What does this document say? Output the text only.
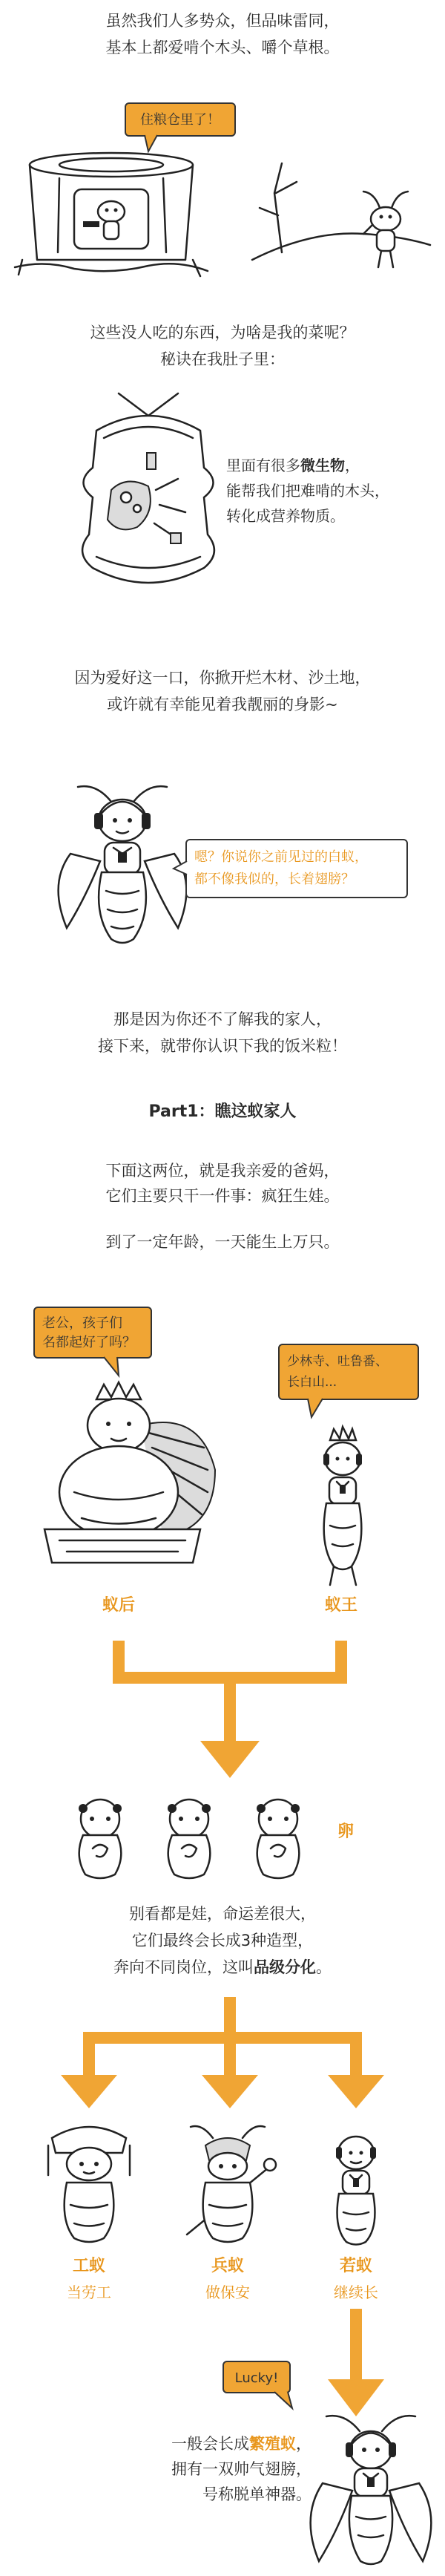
虽然我们人多势众，但品味雷同，
基本上都爱啃个木头、嚼个草根。
住粮仓里了！
这些没人吃的东西，为啥是我的菜呢？
秘诀在我肚子里：
里面有很多微生物，
能帮我们把难啃的木头，
转化成营养物质。
因为爱好这一口，你掀开烂木材、沙土地，
或许就有幸能见着我靓丽的身影~
嗯？你说你之前见过的白蚁，
都不像我似的，长着翅膀？
那是因为你还不了解我的家人，
接下来，就带你认识下我的饭米粒！
Part1：瞧这蚁家人
下面这两位，就是我亲爱的爸妈，
它们主要只干一件事：疯狂生娃。
到了一定年龄，一天能生上万只。
老公，孩子们
名都起好了吗？
少林寺、吐鲁番、
长白山...
蚁后	蚁王
卵
别看都是娃，命运差很大，
它们最终会长成3种造型，
奔向不同岗位，这叫品级分化。
工蚁
当劳工
兵蚁
做保安
若蚁
继续长
Lucky!
一般会长成繁殖蚁，
拥有一双帅气翅膀，
号称脱单神器。
